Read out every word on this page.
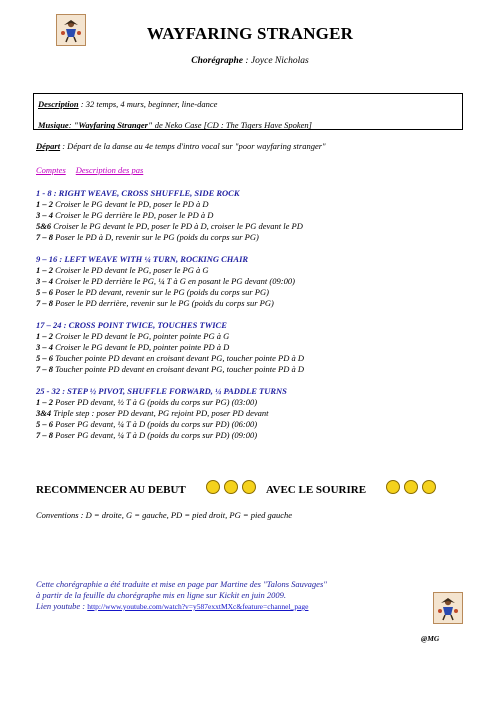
WAYFARING STRANGER
Chorégraphe : Joyce Nicholas
Description : 32 temps, 4 murs, beginner, line-dance
Musique: "Wayfaring Stranger" de Neko Case [CD : The Tigers Have Spoken]
Départ : Départ de la danse au 4e temps d'intro vocal sur "poor wayfaring stranger"
Comptes Description des pas
1 - 8 : RIGHT WEAVE, CROSS SHUFFLE, SIDE ROCK
1 – 2 Croiser le PG devant le PD, poser le PD à D
3 – 4 Croiser le PG derrière le PD, poser le PD à D
5&6 Croiser le PG devant le PD, poser le PD à D, croiser le PG devant le PD
7 – 8 Poser le PD à D, revenir sur le PG (poids du corps sur PG)
9 – 16 : LEFT WEAVE WITH ¼ TURN, ROCKING CHAIR
1 – 2 Croiser le PD devant le PG, poser le PG à G
3 – 4 Croiser le PD derrière le PG, ¼ T à G en posant le PG devant (09:00)
5 – 6 Poser le PD devant, revenir sur le PG (poids du corps sur PG)
7 – 8 Poser le PD derrière, revenir sur le PG (poids du corps sur PG)
17 – 24 : CROSS POINT TWICE, TOUCHES TWICE
1 – 2 Croiser le PD devant le PG, pointer pointe PG à G
3 – 4 Croiser le PG devant le PD, pointer pointe PD à D
5 – 6 Toucher pointe PD devant en croisant devant PG, toucher pointe PD à D
7 – 8 Toucher pointe PD devant en croisant devant PG, toucher pointe PD à D
25 - 32 : STEP ½ PIVOT, SHUFFLE FORWARD, ¼ PADDLE TURNS
1 – 2 Poser PD devant, ½ T à G (poids du corps sur PG) (03:00)
3&4 Triple step : poser PD devant, PG rejoint PD, poser PD devant
5 – 6 Poser PG devant, ¼ T à D (poids du corps sur PD) (06:00)
7 – 8 Poser PG devant, ¼ T à D (poids du corps sur PD) (09:00)
RECOMMENCER AU DEBUT	AVEC LE SOURIRE
Conventions : D = droite, G = gauche, PD = pied droit, PG = pied gauche
Cette chorégraphie a été traduite et mise en page par Martine des "Talons Sauvages"
à partir de la feuille du chorégraphe mis en ligne sur Kickit en juin 2009.
Lien youtube : http://www.youtube.com/watch?v=y587exxtMXc&feature=channel_page
@MG
